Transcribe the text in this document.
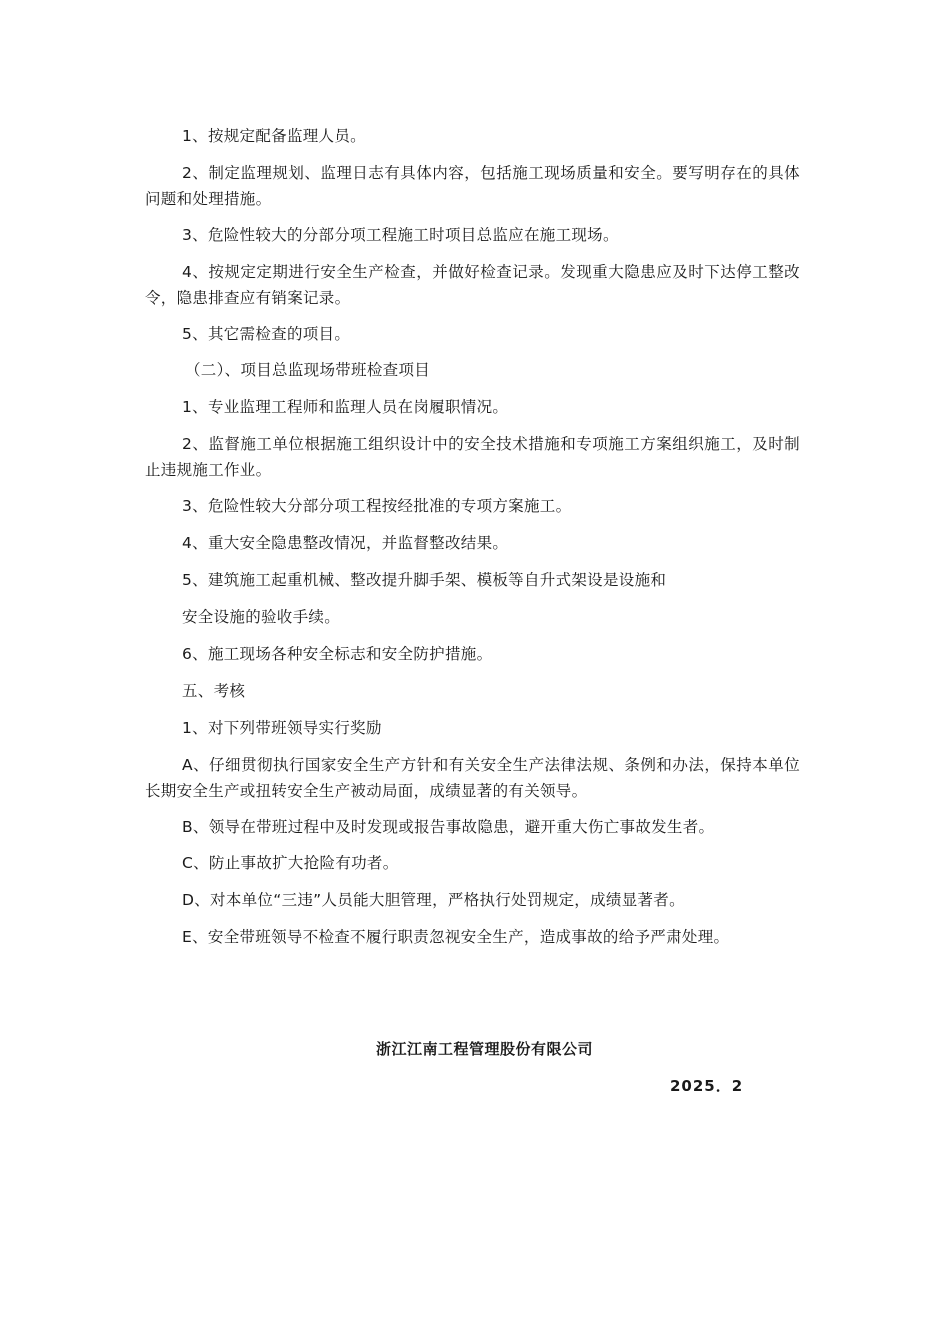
1、按规定配备监理人员。

2、制定监理规划、监理日志有具体内容，包括施工现场质量和安全。要写明存在的具体问题和处理措施。

3、危险性较大的分部分项工程施工时项目总监应在施工现场。

4、按规定定期进行安全生产检查，并做好检查记录。发现重大隐患应及时下达停工整改令，隐患排查应有销案记录。

5、其它需检查的项目。

（二）、项目总监现场带班检查项目

1、专业监理工程师和监理人员在岗履职情况。

2、监督施工单位根据施工组织设计中的安全技术措施和专项施工方案组织施工，及时制止违规施工作业。

3、危险性较大分部分项工程按经批准的专项方案施工。

4、重大安全隐患整改情况，并监督整改结果。

5、建筑施工起重机械、整改提升脚手架、模板等自升式架设是设施和

安全设施的验收手续。

6、施工现场各种安全标志和安全防护措施。

五、考核

1、对下列带班领导实行奖励

A、仔细贯彻执行国家安全生产方针和有关安全生产法律法规、条例和办法，保持本单位长期安全生产或扭转安全生产被动局面，成绩显著的有关领导。

B、领导在带班过程中及时发现或报告事故隐患，避开重大伤亡事故发生者。

C、防止事故扩大抢险有功者。

D、对本单位“三违”人员能大胆管理，严格执行处罚规定，成绩显著者。

E、安全带班领导不检查不履行职责忽视安全生产，造成事故的给予严肃处理。

浙江江南工程管理股份有限公司
2025．2
